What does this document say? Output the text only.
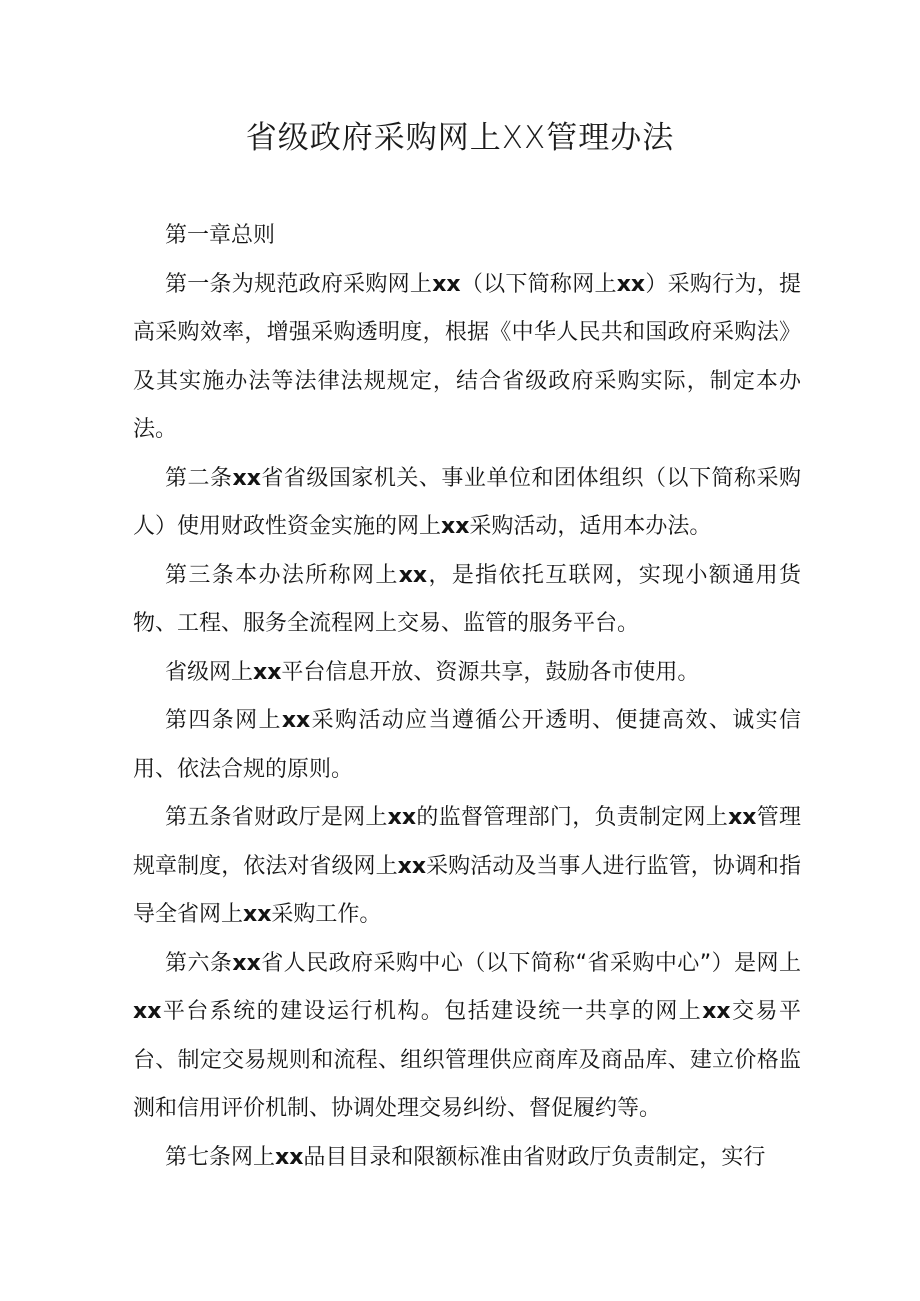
省级政府采购网上XX管理办法

第一章总则

第一条为规范政府采购网上xx（以下简称网上xx）采购行为，提高采购效率，增强采购透明度，根据《中华人民共和国政府采购法》及其实施办法等法律法规规定，结合省级政府采购实际，制定本办法。

第二条xx省省级国家机关、事业单位和团体组织（以下简称采购人）使用财政性资金实施的网上xx采购活动，适用本办法。

第三条本办法所称网上xx，是指依托互联网，实现小额通用货物、工程、服务全流程网上交易、监管的服务平台。

省级网上xx平台信息开放、资源共享，鼓励各市使用。

第四条网上xx采购活动应当遵循公开透明、便捷高效、诚实信用、依法合规的原则。

第五条省财政厅是网上xx的监督管理部门，负责制定网上xx管理规章制度，依法对省级网上xx采购活动及当事人进行监管，协调和指导全省网上xx采购工作。

第六条xx省人民政府采购中心（以下简称“省采购中心”）是网上xx平台系统的建设运行机构。包括建设统一共享的网上xx交易平台、制定交易规则和流程、组织管理供应商库及商品库、建立价格监测和信用评价机制、协调处理交易纠纷、督促履约等。

第七条网上xx品目目录和限额标准由省财政厅负责制定，实行
